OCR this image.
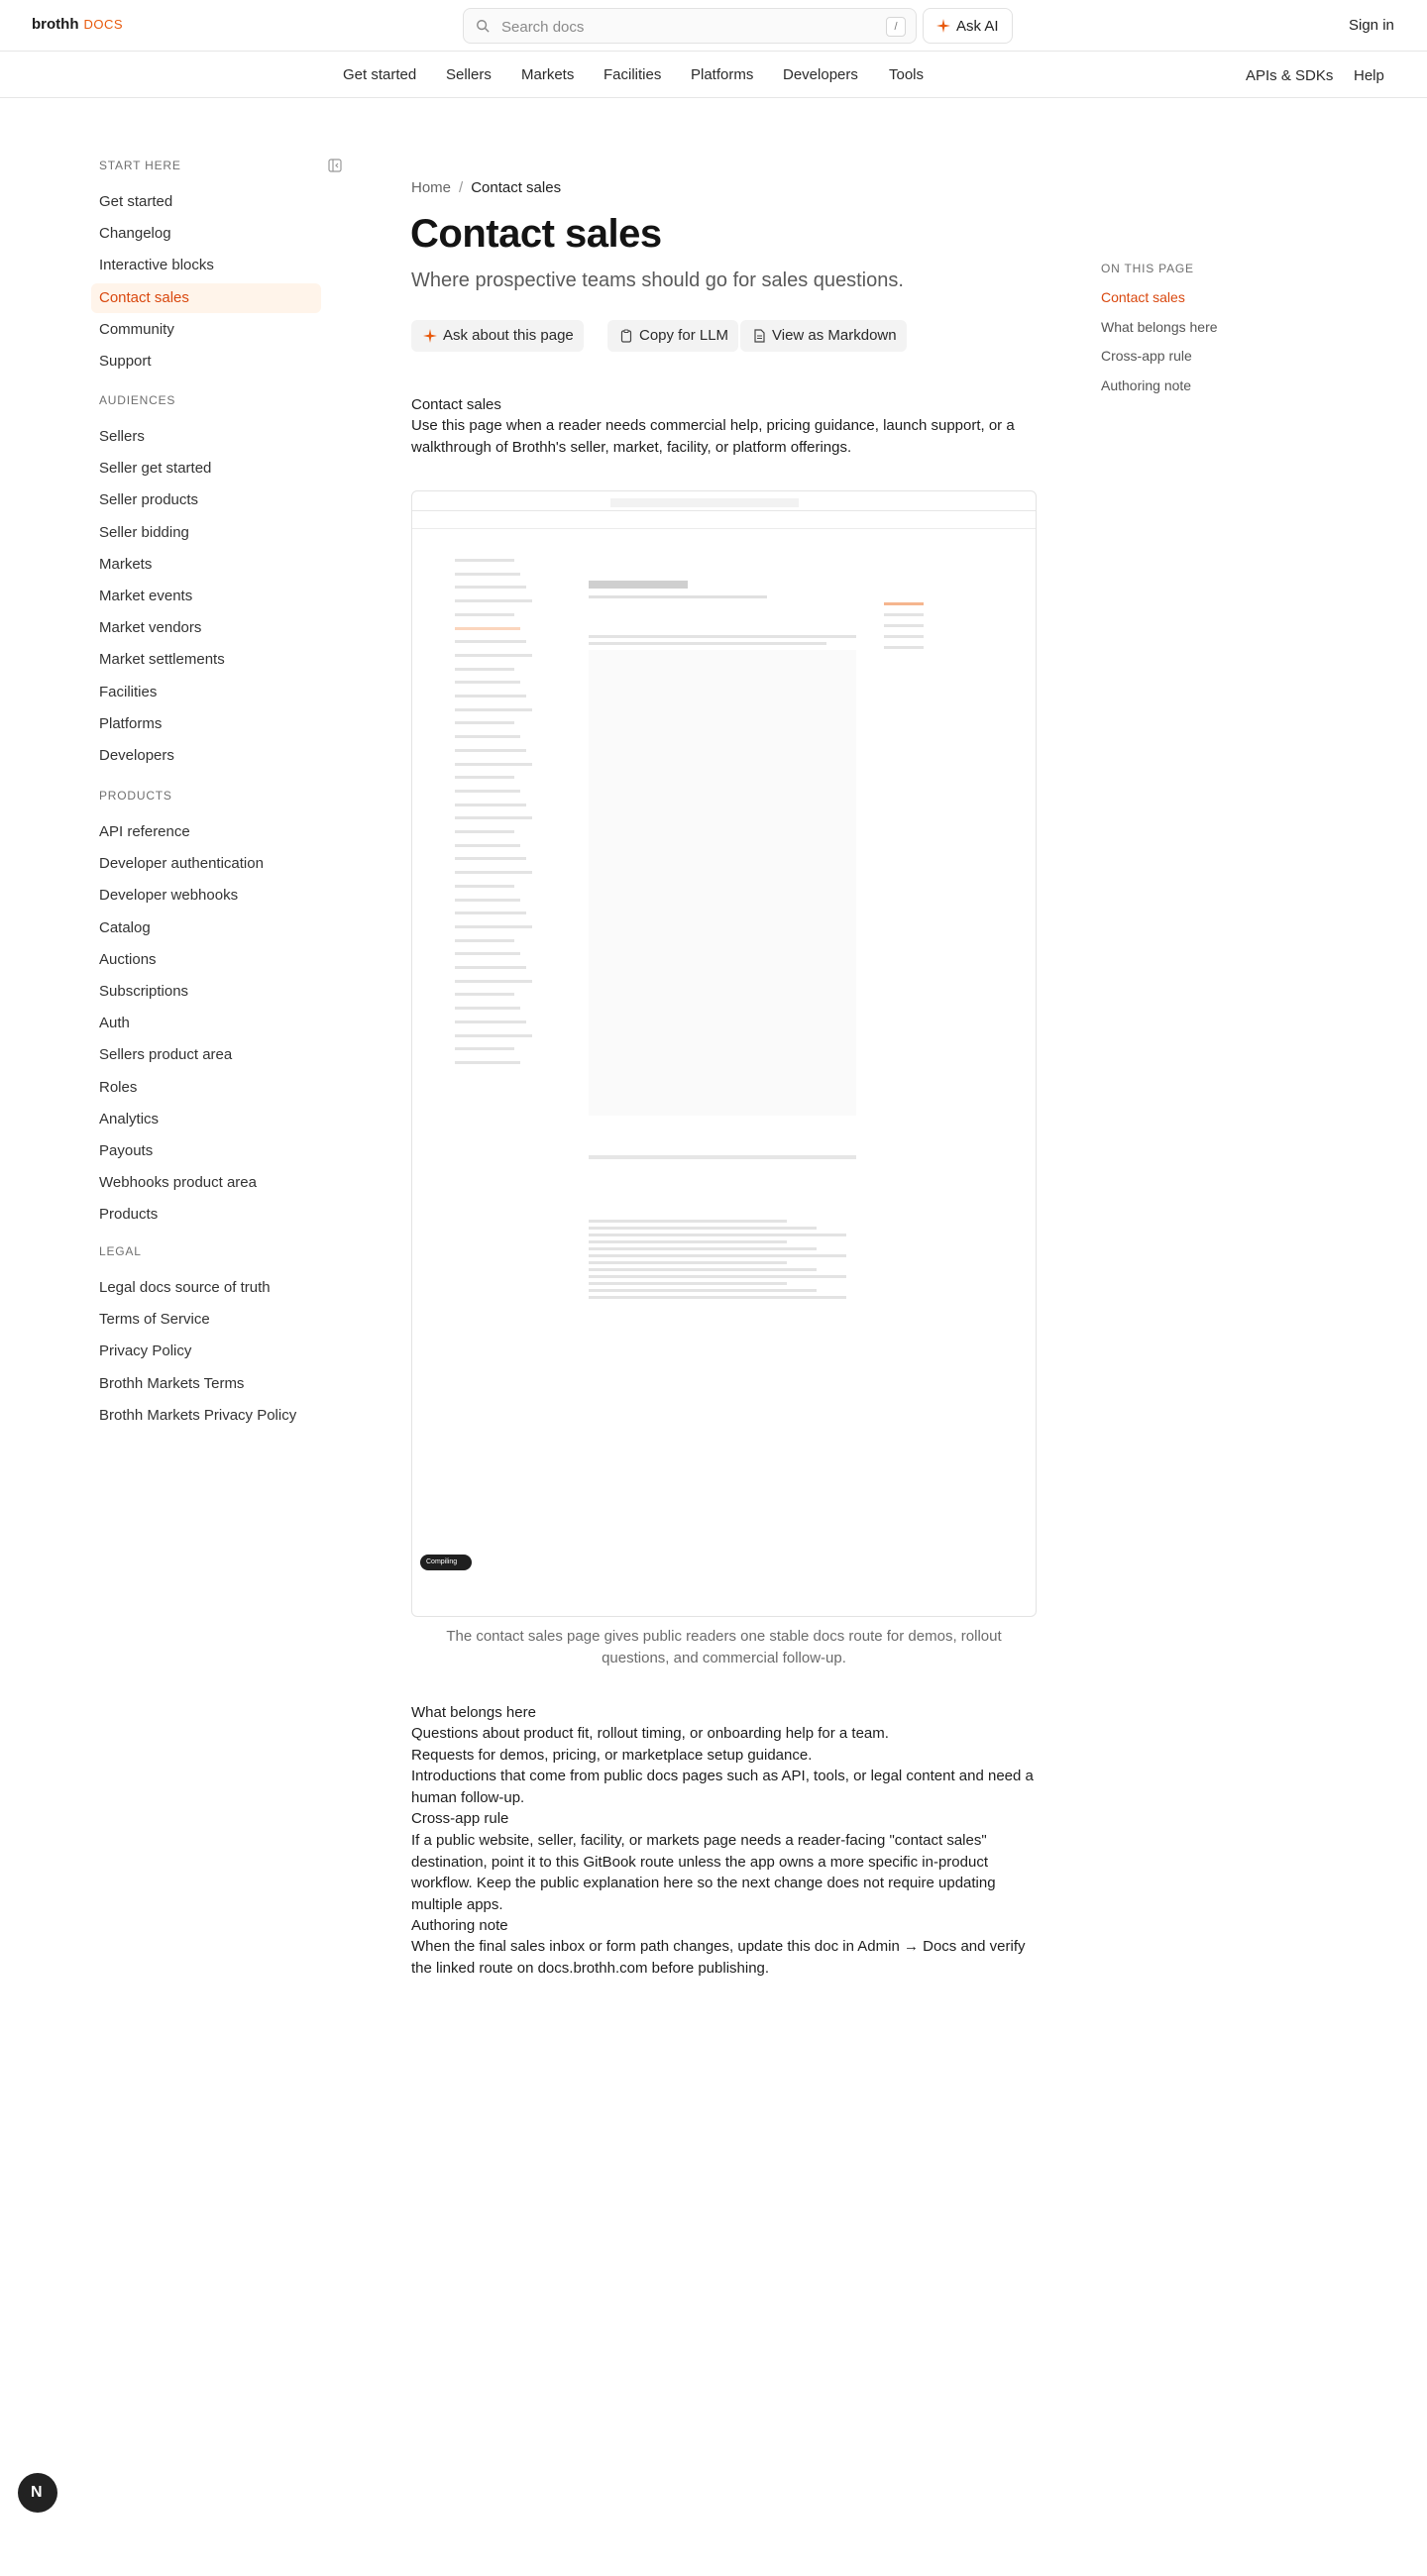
brothh DOCS	Search docs	/	Ask AI	Sign in
Get started Sellers Markets Facilities Platforms Developers Tools	APIs & SDKs Help
START HERE
Get started
Changelog
Interactive blocks
Contact sales
Community
Support
AUDIENCES
Sellers
Seller get started
Seller products
Seller bidding
Markets
Market events
Market vendors
Market settlements
Facilities
Platforms
Developers
PRODUCTS
API reference
Developer authentication
Developer webhooks
Catalog
Auctions
Subscriptions
Auth
Sellers product area
Roles
Analytics
Payouts
Webhooks product area
Products
LEGAL
Legal docs source of truth
Terms of Service
Privacy Policy
Brothh Markets Terms
Brothh Markets Privacy Policy
Home / Contact sales
Contact sales
Where prospective teams should go for sales questions.
Ask about this page	Copy for LLM	View as Markdown
Contact sales
Use this page when a reader needs commercial help, pricing guidance, launch support, or a walkthrough of Brothh's seller, market, facility, or platform offerings.
Compiling
The contact sales page gives public readers one stable docs route for demos, rollout questions, and commercial follow-up.
What belongs here
Questions about product fit, rollout timing, or onboarding help for a team.
Requests for demos, pricing, or marketplace setup guidance.
Introductions that come from public docs pages such as API, tools, or legal content and need a human follow-up.
Cross-app rule
If a public website, seller, facility, or markets page needs a reader-facing "contact sales" destination, point it to this GitBook route unless the app owns a more specific in-product workflow. Keep the public explanation here so the next change does not require updating multiple apps.
Authoring note
When the final sales inbox or form path changes, update this doc in Admin → Docs and verify the linked route on docs.brothh.com before publishing.
ON THIS PAGE
Contact sales
What belongs here
Cross-app rule
Authoring note
N
